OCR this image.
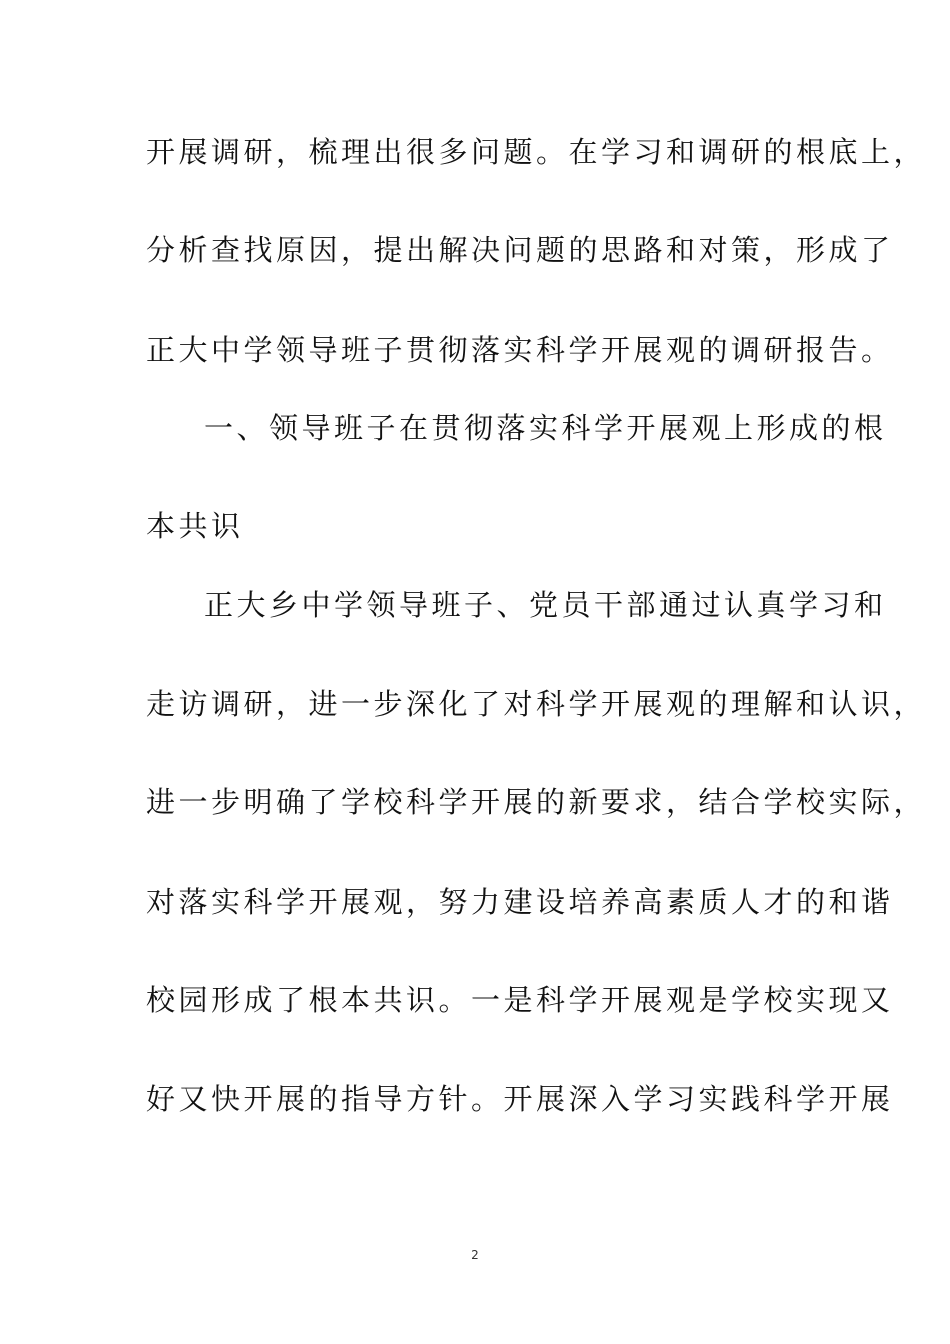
开展调研，梳理出很多问题。在学习和调研的根底上，
分析查找原因，提出解决问题的思路和对策，形成了
正大中学领导班子贯彻落实科学开展观的调研报告。
一、领导班子在贯彻落实科学开展观上形成的根
本共识
正大乡中学领导班子、党员干部通过认真学习和
走访调研，进一步深化了对科学开展观的理解和认识，
进一步明确了学校科学开展的新要求，结合学校实际，
对落实科学开展观，努力建设培养高素质人才的和谐
校园形成了根本共识。一是科学开展观是学校实现又
好又快开展的指导方针。开展深入学习实践科学开展
2
